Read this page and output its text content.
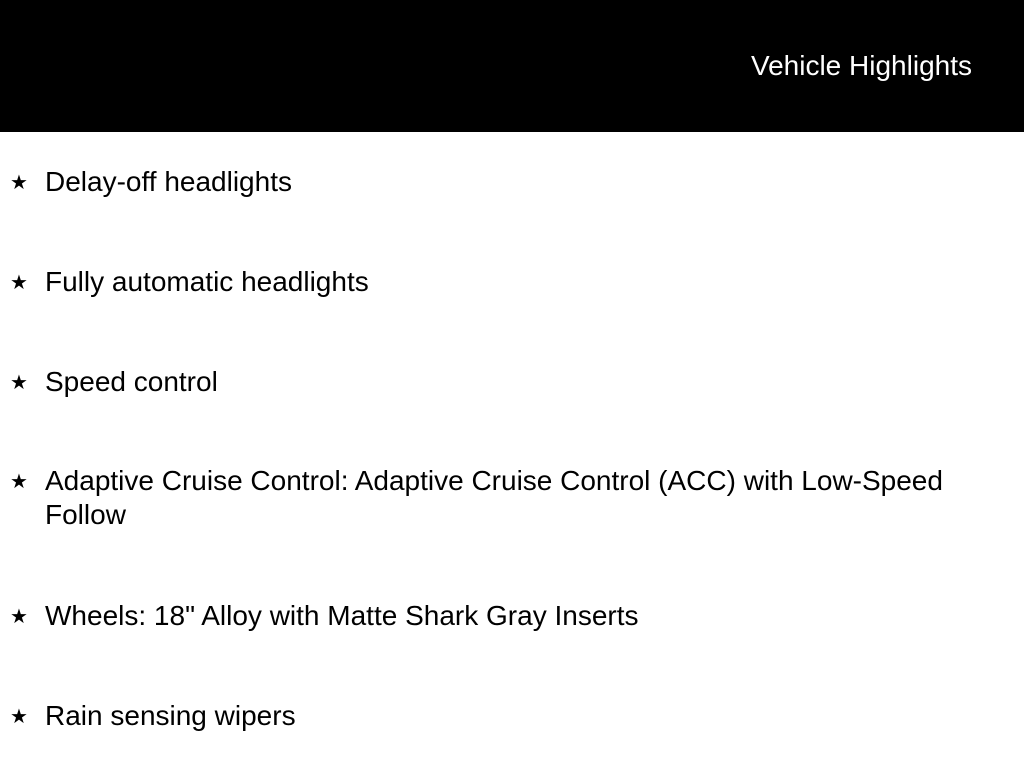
Vehicle Highlights
★ Delay-off headlights
★ Fully automatic headlights
★ Speed control
★ Adaptive Cruise Control: Adaptive Cruise Control (ACC) with Low-Speed Follow
★ Wheels: 18" Alloy with Matte Shark Gray Inserts
★ Rain sensing wipers
